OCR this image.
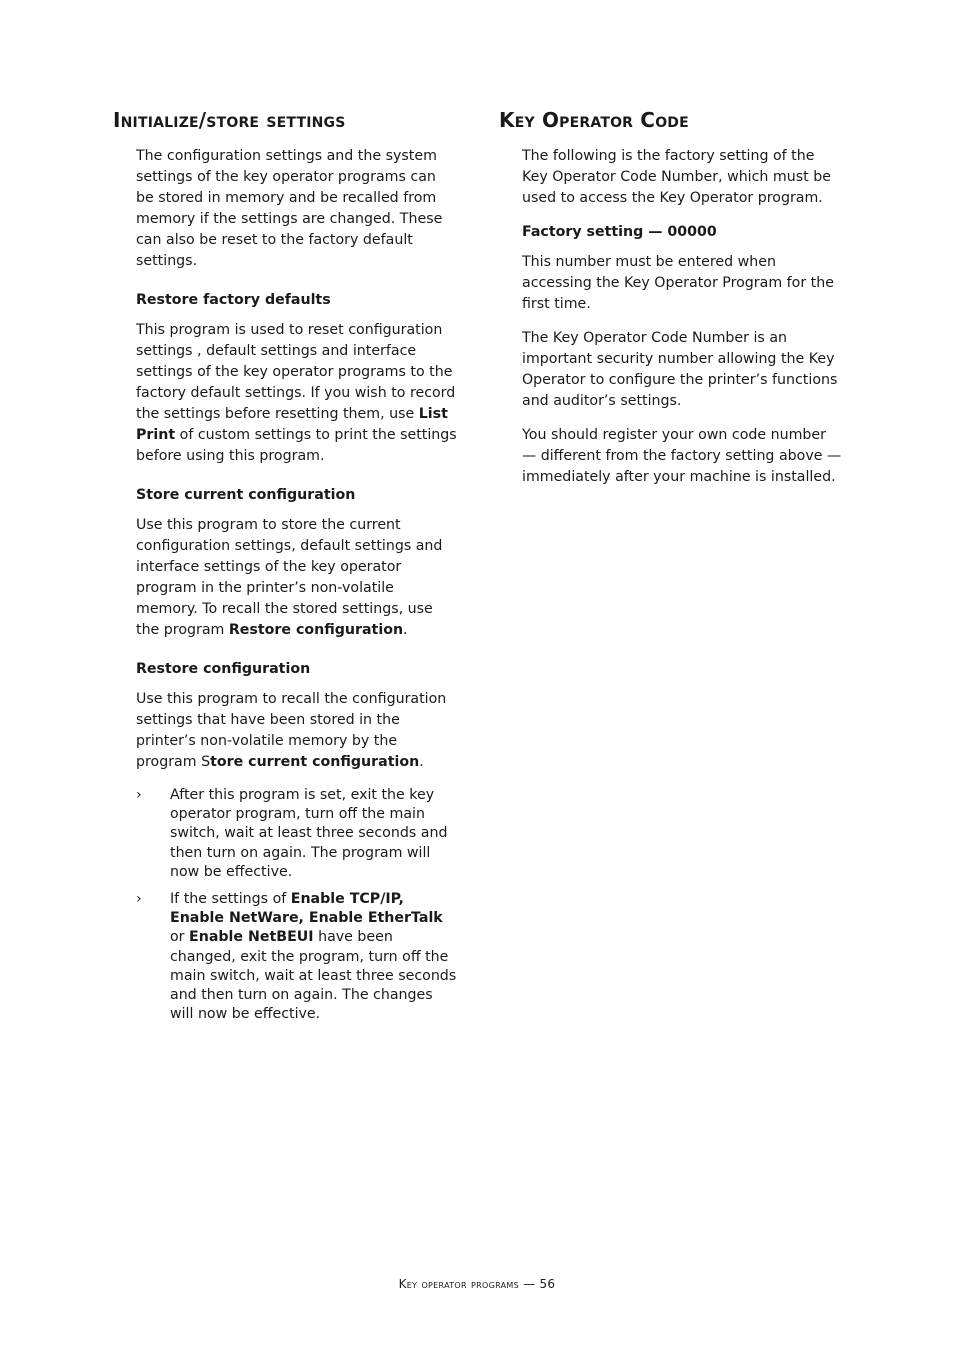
Initialize/store settings

The configuration settings and the system settings of the key operator programs can be stored in memory and be recalled from memory if the settings are changed. These can also be reset to the factory default settings.

Restore factory defaults

This program is used to reset configuration settings , default settings and interface settings of the key operator programs to the factory default settings. If you wish to record the settings before resetting them, use List Print of custom settings to print the settings before using this program.

Store current configuration

Use this program to store the current configuration settings, default settings and interface settings of the key operator program in the printer’s non-volatile memory. To recall the stored settings, use the program Restore configuration.

Restore configuration

Use this program to recall the configuration settings that have been stored in the printer’s non-volatile memory by the program Store current configuration.

› After this program is set, exit the key operator program, turn off the main switch, wait at least three seconds and then turn on again. The program will now be effective.
› If the settings of Enable TCP/IP, Enable NetWare, Enable EtherTalk or Enable NetBEUI have been changed, exit the program, turn off the main switch, wait at least three seconds and then turn on again. The changes will now be effective.
Key Operator Code

The following is the factory setting of the Key Operator Code Number, which must be used to access the Key Operator program.

Factory setting — 00000

This number must be entered when accessing the Key Operator Program for the first time.

The Key Operator Code Number is an important security number allowing the Key Operator to configure the printer’s functions and auditor’s settings.

You should register your own code number — different from the factory setting above — immediately after your machine is installed.

Key operator programs — 56
